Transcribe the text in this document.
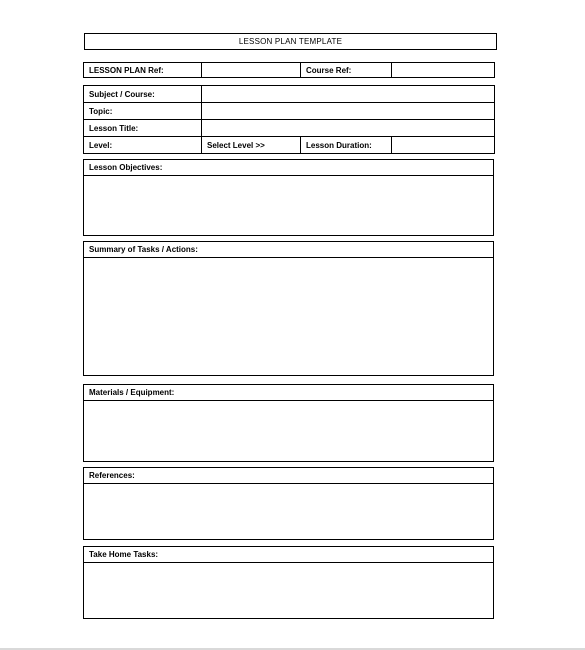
LESSON PLAN TEMPLATE
LESSON PLAN Ref:		Course Ref:	
Subject / Course:			
Topic:			
Lesson Title:			
Level:	Select Level >>	Lesson Duration:	
Lesson Objectives:
Summary of Tasks / Actions:
Materials / Equipment:
References:
Take Home Tasks:
